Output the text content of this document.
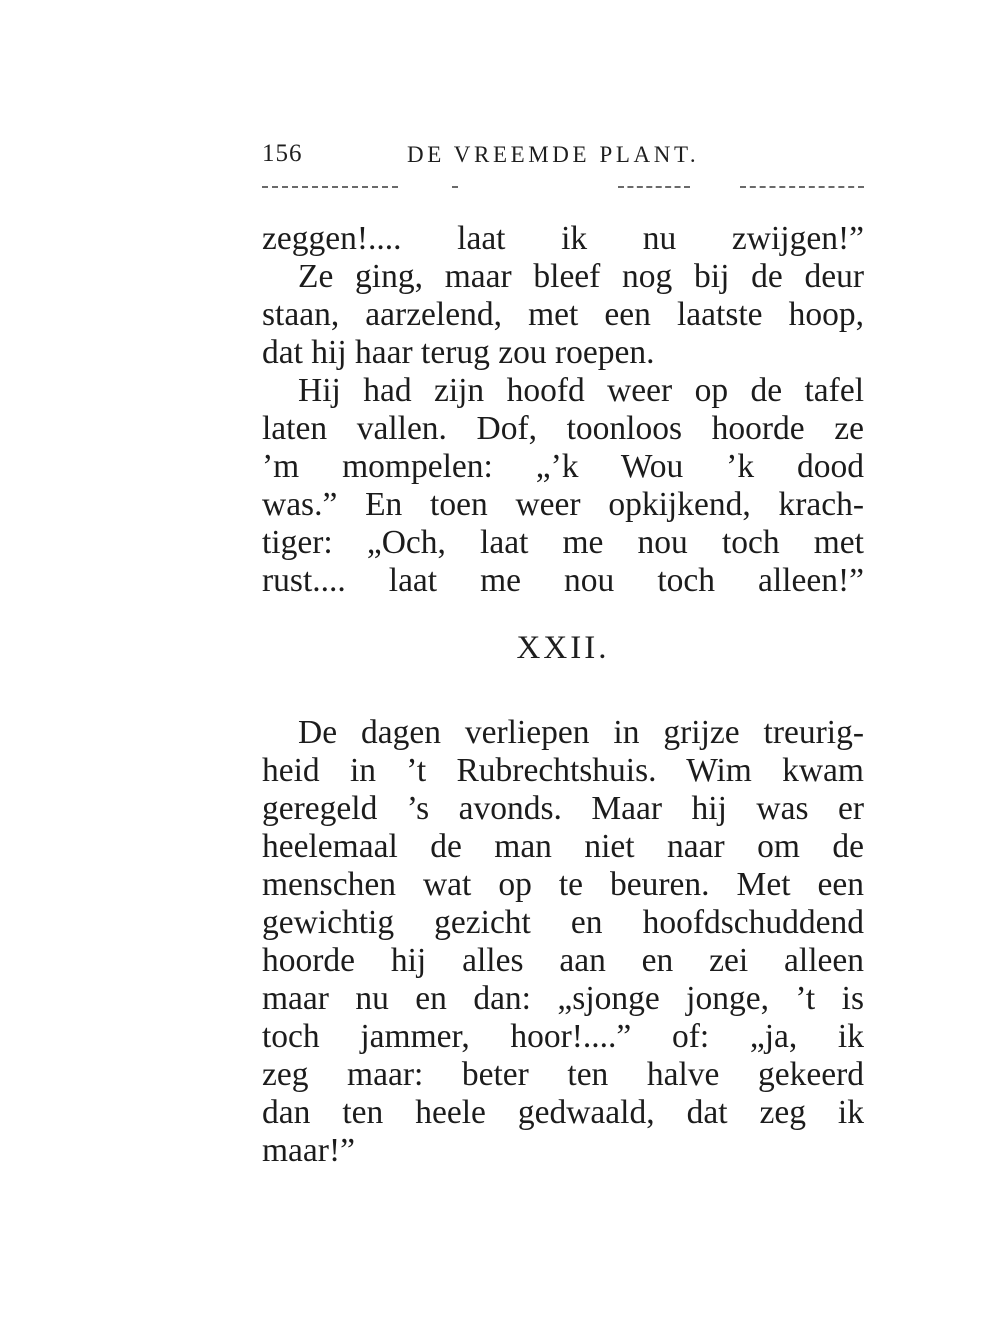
156	DE VREEMDE PLANT.
zeggen!.... laat ik nu zwijgen!”
Ze ging, maar bleef nog bij de deur
staan, aarzelend, met een laatste hoop,
dat hij haar terug zou roepen.
Hij had zijn hoofd weer op de tafel
laten vallen. Dof, toonloos hoorde ze
’m mompelen: „’k Wou ’k dood
was.” En toen weer opkijkend, krach-
tiger: „Och, laat me nou toch met
rust.... laat me nou toch alleen!”
XXII.
De dagen verliepen in grijze treurig-
heid in ’t Rubrechtshuis. Wim kwam
geregeld ’s avonds. Maar hij was er
heelemaal de man niet naar om de
menschen wat op te beuren. Met een
gewichtig gezicht en hoofdschuddend
hoorde hij alles aan en zei alleen
maar nu en dan: „sjonge jonge, ’t is
toch jammer, hoor!....” of: „ja, ik
zeg maar: beter ten halve gekeerd
dan ten heele gedwaald, dat zeg ik
maar!”
